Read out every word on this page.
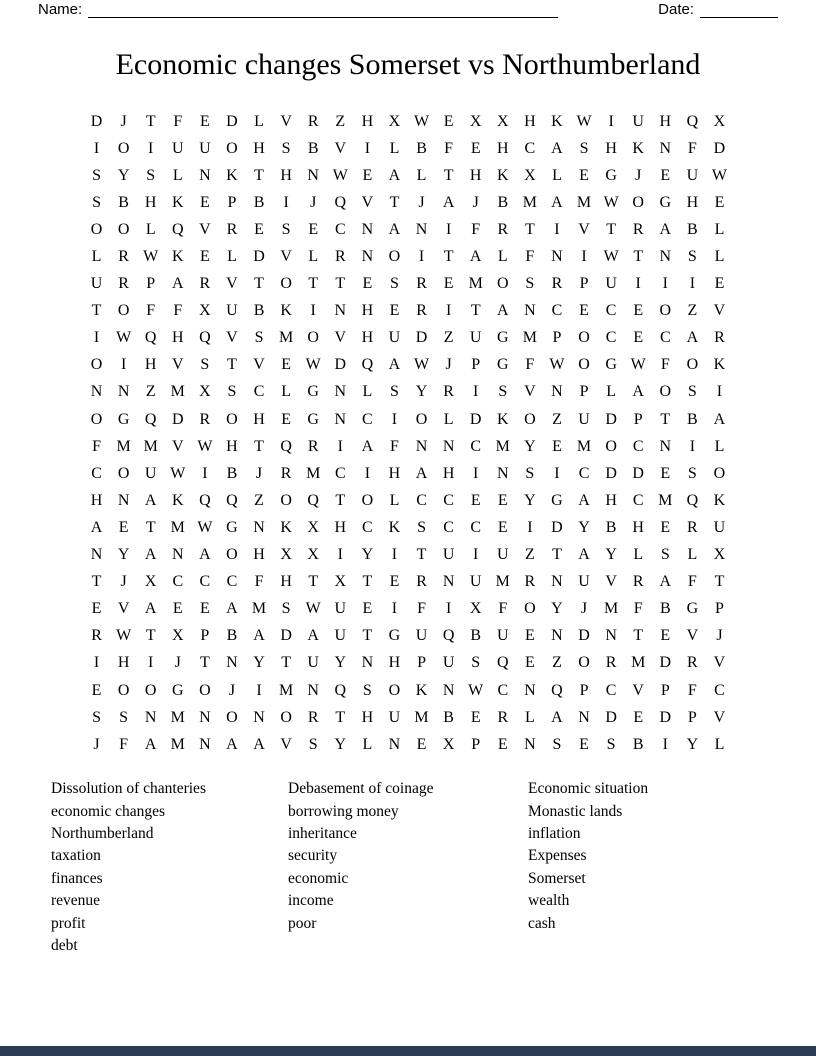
Name:	Date:
Economic changes Somerset vs Northumberland
D	J	T	F	E	D	L	V R	Z	H X W E	X X H K W	I	U H Q X
I	O	I	U U O H	S	B V	I	L	B	F	E	H C A	S	H K N	F	D
S	Y	S	L	N K	T	H N W E	A	L	T	H K X	L	E	G	J	E	U W
S	B H K	E	P	B	I	J	Q V	T	J	A	J	B M A M W O G H	E
O O	L	Q V R	E	S	E	C N A N	I	F	R	T	I	V	T	R A B	L
L	R W K	E	L	D V	L	R N O	I	T	A	L	F	N	I	W T	N	S	L
U R	P	A R V	T	O	T	T	E	S	R	E M O	S	R	P	U	I	I	I	E
T	O	F	F	X U B K	I	N H	E	R	I	T	A N C	E	C	E	O	Z	V
I	W Q H Q V	S M O V H U D	Z	U G M P	O C	E	C A R
O	I	H V	S	T	V	E W D Q A W	J	P	G	F W O G W F	O K
N N	Z M X	S	C	L	G N	L	S	Y R	I	S	V N	P	L	A O	S	I
O G Q D R O H	E	G N C	I	O	L	D K O	Z	U D	P	T	B A
F M M V W H	T	Q R	I	A	F	N N C M Y	E M O C N	I	L
C O U W	I	B	J	R M C	I	H A H	I	N	S	I	C D D	E	S	O
H N A K Q Q	Z	O Q	T	O	L	C	C	E	E	Y G A H C M Q K
A	E	T M W G N K X H C K	S	C	C	E	I	D Y B H	E	R U
N Y A N A O H X X	I	Y	I	T	U	I	U	Z	T	A Y	L	S	L	X
T	J	X C	C	C	F	H	T	X	T	E	R N U M R N U V R A	F	T
E	V A	E	E	A M S W U	E	I	F	I	X	F	O Y	J	M F	B G	P
R W T	X	P	B A D A U	T	G U Q B U	E	N D N	T	E	V	J
I	H	I	J	T	N Y	T	U Y N H	P	U	S	Q	E	Z	O R M D R V
E	O O G O	J	I	M N Q	S	O K N W C N Q	P	C V	P	F	C
S	S	N M N O N O R	T	H U M B	E	R	L	A N D	E	D	P	V
J	F	A M N A A V	S	Y	L	N	E	X	P	E	N	S	E	S	B	I	Y	L
Dissolution of chanteries
economic changes
Northumberland
taxation
finances
revenue
profit
debt
Debasement of coinage
borrowing money
inheritance
security
economic
income
poor
Economic situation
Monastic lands
inflation
Expenses
Somerset
wealth
cash
